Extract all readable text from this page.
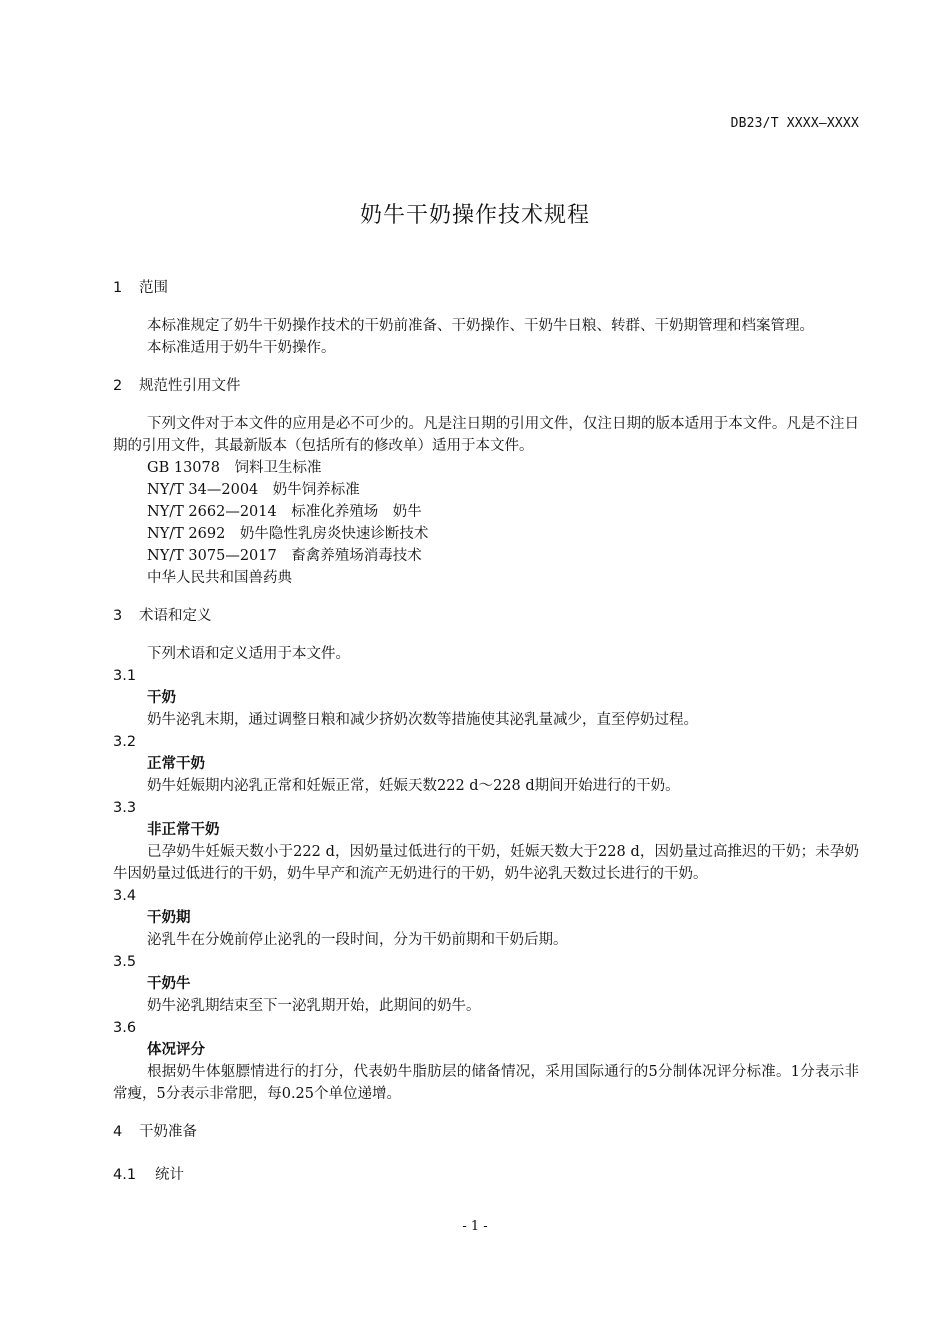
DB23/T XXXX—XXXX
奶牛干奶操作技术规程
1 范围

本标准规定了奶牛干奶操作技术的干奶前准备、干奶操作、干奶牛日粮、转群、干奶期管理和档案管理。

本标准适用于奶牛干奶操作。

2 规范性引用文件

下列文件对于本文件的应用是必不可少的。凡是注日期的引用文件，仅注日期的版本适用于本文件。凡是不注日期的引用文件，其最新版本（包括所有的修改单）适用于本文件。

GB 13078　饲料卫生标准

NY/T 34—2004　奶牛饲养标准

NY/T 2662—2014　标准化养殖场　奶牛

NY/T 2692　奶牛隐性乳房炎快速诊断技术

NY/T 3075—2017　畜禽养殖场消毒技术

中华人民共和国兽药典

3 术语和定义

下列术语和定义适用于本文件。

3.1

干奶

奶牛泌乳末期，通过调整日粮和减少挤奶次数等措施使其泌乳量减少，直至停奶过程。

3.2

正常干奶

奶牛妊娠期内泌乳正常和妊娠正常，妊娠天数222 d～228 d期间开始进行的干奶。

3.3

非正常干奶

已孕奶牛妊娠天数小于222 d，因奶量过低进行的干奶，妊娠天数大于228 d，因奶量过高推迟的干奶；未孕奶牛因奶量过低进行的干奶，奶牛早产和流产无奶进行的干奶，奶牛泌乳天数过长进行的干奶。

3.4

干奶期

泌乳牛在分娩前停止泌乳的一段时间，分为干奶前期和干奶后期。

3.5

干奶牛

奶牛泌乳期结束至下一泌乳期开始，此期间的奶牛。

3.6

体况评分

根据奶牛体躯膘情进行的打分，代表奶牛脂肪层的储备情况，采用国际通行的5分制体况评分标准。1分表示非常瘦，5分表示非常肥，每0.25个单位递增。

4 干奶准备
4.1 统计
- 1 -
